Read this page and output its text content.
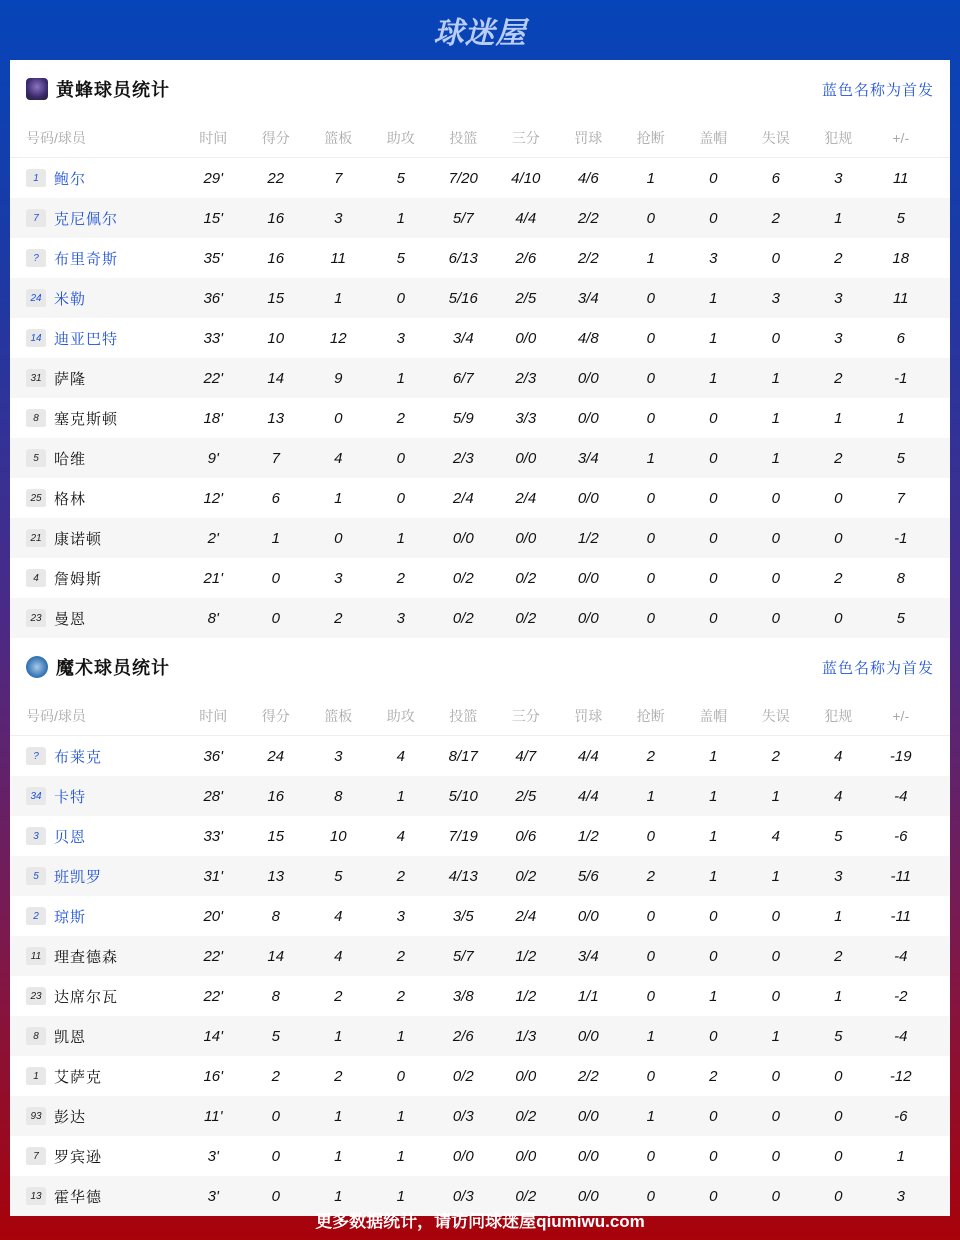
球迷屋
黄蜂球员统计	蓝色名称为首发
号码/球员	时间	得分	篮板	助攻	投篮	三分	罚球	抢断	盖帽	失误	犯规	+/-
1	鲍尔	29'	22	7	5	7/20	4/10	4/6	1	0	6	3	11
7	克尼佩尔	15'	16	3	1	5/7	4/4	2/2	0	0	2	1	5
?	布里奇斯	35'	16	11	5	6/13	2/6	2/2	1	3	0	2	18
24 米勒	36'	15	1	0	5/16	2/5	3/4	0	1	3	3	11
14 迪亚巴特	33'	10	12	3	3/4	0/0	4/8	0	1	0	3	6
31 萨隆	22'	14	9	1	6/7	2/3	0/0	0	1	1	2	-1
8	塞克斯顿	18'	13	0	2	5/9	3/3	0/0	0	0	1	1	1
5	哈维	9'	7	4	0	2/3	0/0	3/4	1	0	1	2	5
25 格林	12'	6	1	0	2/4	2/4	0/0	0	0	0	0	7
21 康诺顿	2'	1	0	1	0/0	0/0	1/2	0	0	0	0	-1
4	詹姆斯	21'	0	3	2	0/2	0/2	0/0	0	0	0	2	8
23 曼恩	8'	0	2	3	0/2	0/2	0/0	0	0	0	0	5
魔术球员统计	蓝色名称为首发
号码/球员	时间	得分	篮板	助攻	投篮	三分	罚球	抢断	盖帽	失误	犯规	+/-
?	布莱克	36'	24	3	4	8/17	4/7	4/4	2	1	2	4	-19
34 卡特	28'	16	8	1	5/10	2/5	4/4	1	1	1	4	-4
3	贝恩	33'	15	10	4	7/19	0/6	1/2	0	1	4	5	-6
5	班凯罗	31'	13	5	2	4/13	0/2	5/6	2	1	1	3	-11
2	琼斯	20'	8	4	3	3/5	2/4	0/0	0	0	0	1	-11
11 理查德森	22'	14	4	2	5/7	1/2	3/4	0	0	0	2	-4
23 达席尔瓦	22'	8	2	2	3/8	1/2	1/1	0	1	0	1	-2
8	凯恩	14'	5	1	1	2/6	1/3	0/0	1	0	1	5	-4
1	艾萨克	16'	2	2	0	0/2	0/0	2/2	0	2	0	0	-12
93 彭达	11'	0	1	1	0/3	0/2	0/0	1	0	0	0	-6
7	罗宾逊	3'	0	1	1	0/0	0/0	0/0	0	0	0	0	1
13 霍华德	3'	0	1	1	0/3	0/2	0/0	0	0	0	0	3
更多数据统计，请访问球迷屋qiumiwu.com
